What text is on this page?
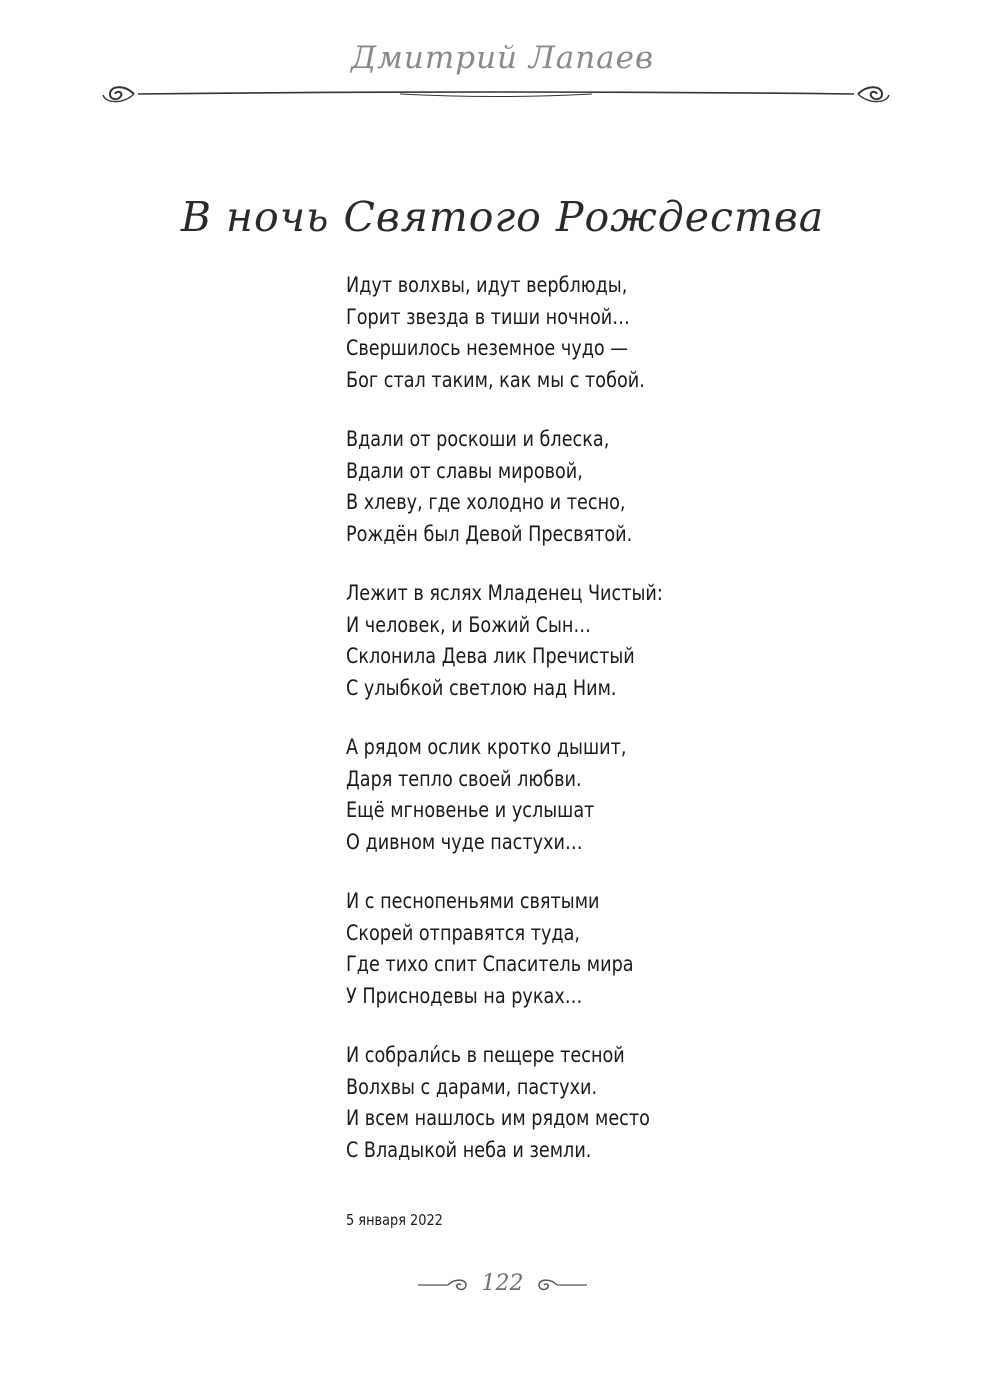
Дмитрий Лапаев
В ночь Святого Рождества
Идут волхвы, идут верблюды,
Горит звезда в тиши ночной…
Свершилось неземное чудо —
Бог стал таким, как мы с тобой.
Вдали от роскоши и блеска,
Вдали от славы мировой,
В хлеву, где холодно и тесно,
Рождён был Девой Пресвятой.
Лежит в яслях Младенец Чистый:
И человек, и Божий Сын…
Склонила Дева лик Пречистый
С улыбкой светлою над Ним.
А рядом ослик кротко дышит,
Даря тепло своей любви.
Ещё мгновенье и услышат
О дивном чуде пастухи…
И с песнопеньями святыми
Скорей отправятся туда,
Где тихо спит Спаситель мира
У Приснодевы на руках…
И собрали́сь в пещере тесной
Волхвы с дарами, пастухи.
И всем нашлось им рядом место
С Владыкой неба и земли.
5 января 2022
122
